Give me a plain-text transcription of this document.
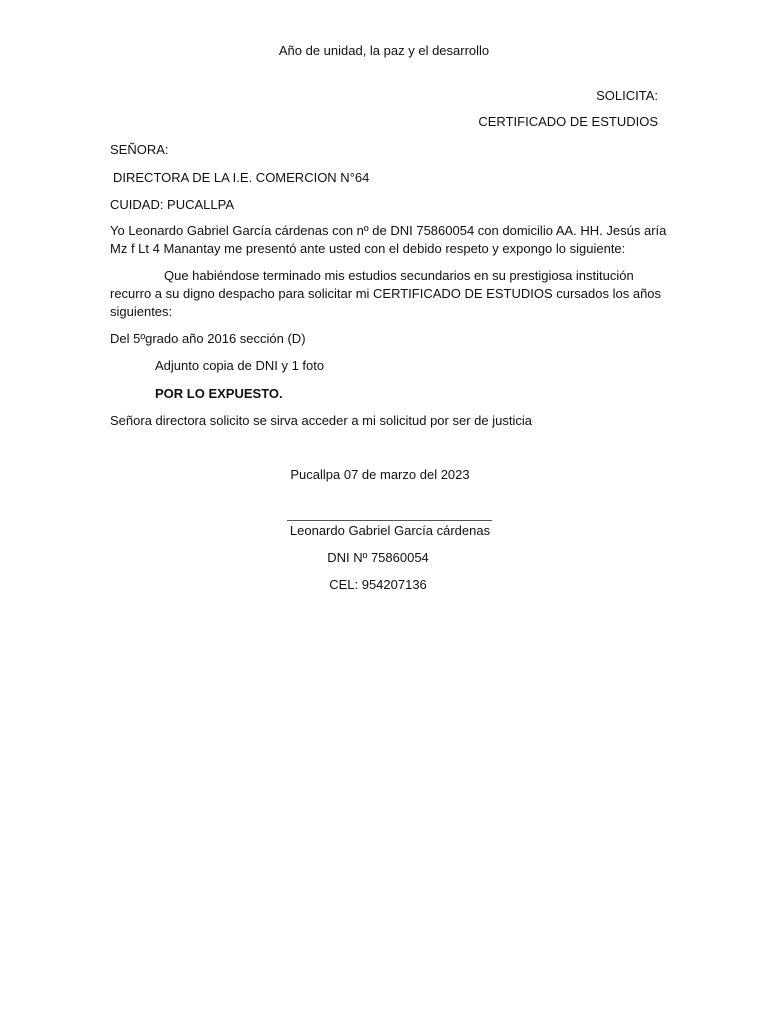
Año de unidad, la paz y el desarrollo
SOLICITA:
CERTIFICADO DE ESTUDIOS
SEÑORA:
DIRECTORA DE LA I.E. COMERCION N°64
CUIDAD: PUCALLPA
Yo Leonardo Gabriel García cárdenas con nº de DNI 75860054 con domicilio AA. HH. Jesús aría
Mz f Lt 4 Manantay me presentó ante usted con el debido respeto y expongo lo siguiente:
Que habiéndose terminado mis estudios secundarios en su prestigiosa institución
recurro a su digno despacho para solicitar mi CERTIFICADO DE ESTUDIOS cursados los años
siguientes:
Del 5ºgrado año 2016 sección (D)
Adjunto copia de DNI y 1 foto
POR LO EXPUESTO.
Señora directora solicito se sirva acceder a mi solicitud por ser de justicia
Pucallpa 07 de marzo del 2023
Leonardo Gabriel García cárdenas
DNI Nº 75860054
CEL: 954207136
